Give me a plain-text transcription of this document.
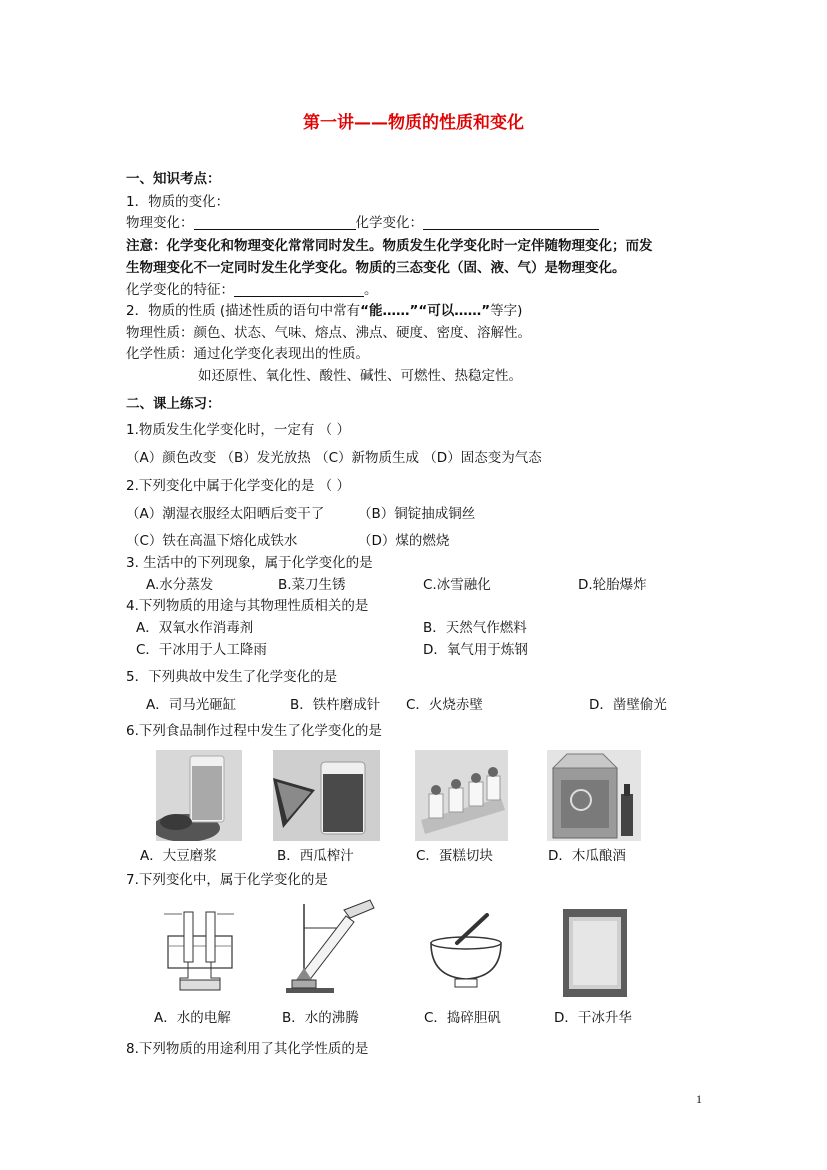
第一讲——物质的性质和变化
一、知识考点：
1．物质的变化：
物理变化：	化学变化：
注意：化学变化和物理变化常常同时发生。物质发生化学变化时一定伴随物理变化；而发
生物理变化不一定同时发生化学变化。物质的三态变化（固、液、气）是物理变化。
化学变化的特征：	。
2．物质的性质 (描述性质的语句中常有“能……”“可以……”等字)
物理性质：颜色、状态、气味、熔点、沸点、硬度、密度、溶解性。
化学性质：通过化学变化表现出的性质。
如还原性、氧化性、酸性、碱性、可燃性、热稳定性。
二、课上练习：
1.物质发生化学变化时，一定有 （ ）
（A）颜色改变 （B）发光放热 （C）新物质生成 （D）固态变为气态
2.下列变化中属于化学变化的是 （ ）
（A）潮湿衣服经太阳晒后变干了	（B）铜锭抽成铜丝
（C）铁在高温下熔化成铁水	（D）煤的燃烧
3. 生活中的下列现象，属于化学变化的是
A.水分蒸发	B.菜刀生锈	C.冰雪融化	D.轮胎爆炸
4.下列物质的用途与其物理性质相关的是
A．双氧水作消毒剂	B．天然气作燃料
C．干冰用于人工降雨	D．氧气用于炼钢
5．下列典故中发生了化学变化的是
A．司马光砸缸	B．铁杵磨成针 C．火烧赤壁	D．凿壁偷光
6.下列食品制作过程中发生了化学变化的是
A．大豆磨浆	B．西瓜榨汁	C．蛋糕切块	D．木瓜酿酒
7.下列变化中，属于化学变化的是
A．水的电解	B．水的沸腾	C．捣碎胆矾	D．干冰升华
8.下列物质的用途利用了其化学性质的是
1
